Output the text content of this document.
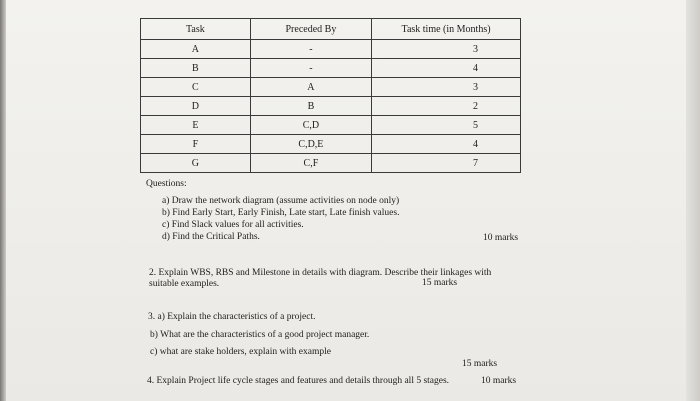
Task	Preceded By	Task time (in Months)
A	-	3
B	-	4
C	A	3
D	B	2
E	C,D	5
F	C,D,E	4
G	C,F	7
Questions:
a) Draw the network diagram (assume activities on node only)
b) Find Early Start, Early Finish, Late start, Late finish values.
c) Find Slack values for all activities.
d) Find the Critical Paths.	10 marks
2. Explain WBS, RBS and Milestone in details with diagram. Describe their linkages with
suitable examples.	15 marks
3. a) Explain the characteristics of a project.
b) What are the characteristics of a good project manager.
c) what are stake holders, explain with example
15 marks
4. Explain Project life cycle stages and features and details through all 5 stages.	10 marks
